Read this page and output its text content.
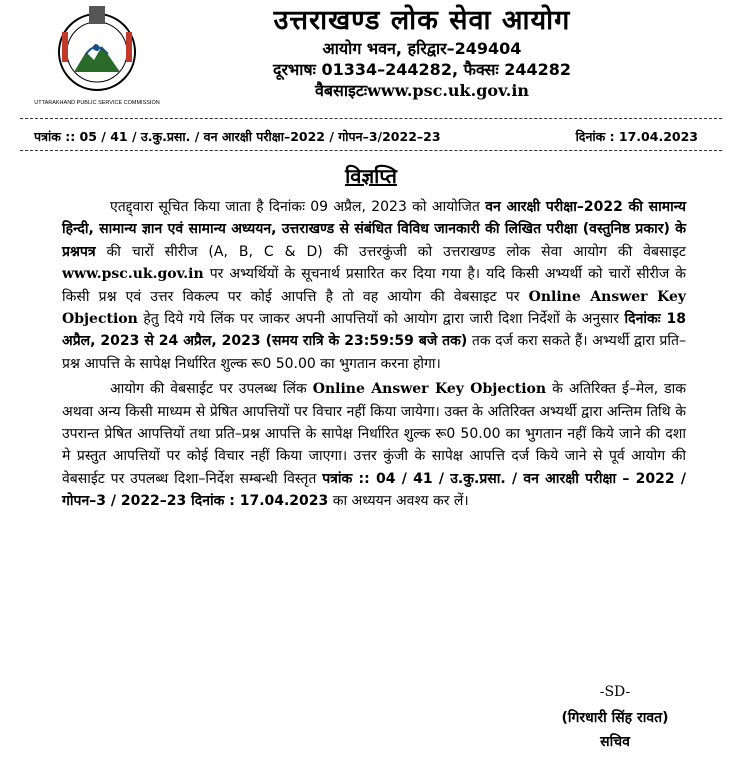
UTTARAKHAND PUBLIC SERVICE COMMISSION
उत्तराखण्ड लोक सेवा आयोग
आयोग भवन, हरिद्वार–249404
दूरभाषः 01334–244282, फैक्सः 244282
वैबसाइटःwww.psc.uk.gov.in
पत्रांक :: 05 / 41 / उ.कु.प्रसा. / वन आरक्षी परीक्षा–2022 / गोपन–3/2022–23	दिनांक : 17.04.2023
विज्ञप्ति

एतद्द्वारा सूचित किया जाता है दिनांकः 09 अप्रैल, 2023 को आयोजित वन आरक्षी परीक्षा–2022 की सामान्य हिन्दी, सामान्य ज्ञान एवं सामान्य अध्ययन, उत्तराखण्ड से संबंधित विविध जानकारी की लिखित परीक्षा (वस्तुनिष्ठ प्रकार) के प्रश्नपत्र की चारों सीरीज (A, B, C & D) की उत्तरकुंजी को उत्तराखण्ड लोक सेवा आयोग की वेबसाइट www.psc.uk.gov.in पर अभ्यर्थियों के सूचनार्थ प्रसारित कर दिया गया है। यदि किसी अभ्यर्थी को चारों सीरीज के किसी प्रश्न एवं उत्तर विकल्प पर कोई आपत्ति है तो वह आयोग की वेबसाइट पर Online Answer Key Objection हेतु दिये गये लिंक पर जाकर अपनी आपत्तियों को आयोग द्वारा जारी दिशा निर्देशों के अनुसार दिनांकः 18 अप्रैल, 2023 से 24 अप्रैल, 2023 (समय रात्रि के 23:59:59 बजे तक) तक दर्ज करा सकते हैं। अभ्यर्थी द्वारा प्रति–प्रश्न आपत्ति के सापेक्ष निर्धारित शुल्क रू0 50.00 का भुगतान करना होगा।

आयोग की वेबसाईट पर उपलब्ध लिंक Online Answer Key Objection के अतिरिक्त ई–मेल, डाक अथवा अन्य किसी माध्यम से प्रेषित आपत्तियों पर विचार नहीं किया जायेगा। उक्त के अतिरिक्त अभ्यर्थी द्वारा अन्तिम तिथि के उपरान्त प्रेषित आपत्तियों तथा प्रति–प्रश्न आपत्ति के सापेक्ष निर्धारित शुल्क रू0 50.00 का भुगतान नहीं किये जाने की दशा मे प्रस्तुत आपत्तियों पर कोई विचार नहीं किया जाएगा। उत्तर कुंजी के सापेक्ष आपत्ति दर्ज किये जाने से पूर्व आयोग की वेबसाईट पर उपलब्ध दिशा–निर्देश सम्बन्धी विस्तृत पत्रांक :: 04 / 41 / उ.कु.प्रसा. / वन आरक्षी परीक्षा – 2022 / गोपन–3 / 2022–23 दिनांक : 17.04.2023 का अध्ययन अवश्य कर लें।

-SD-
(गिरधारी सिंह रावत)
सचिव
